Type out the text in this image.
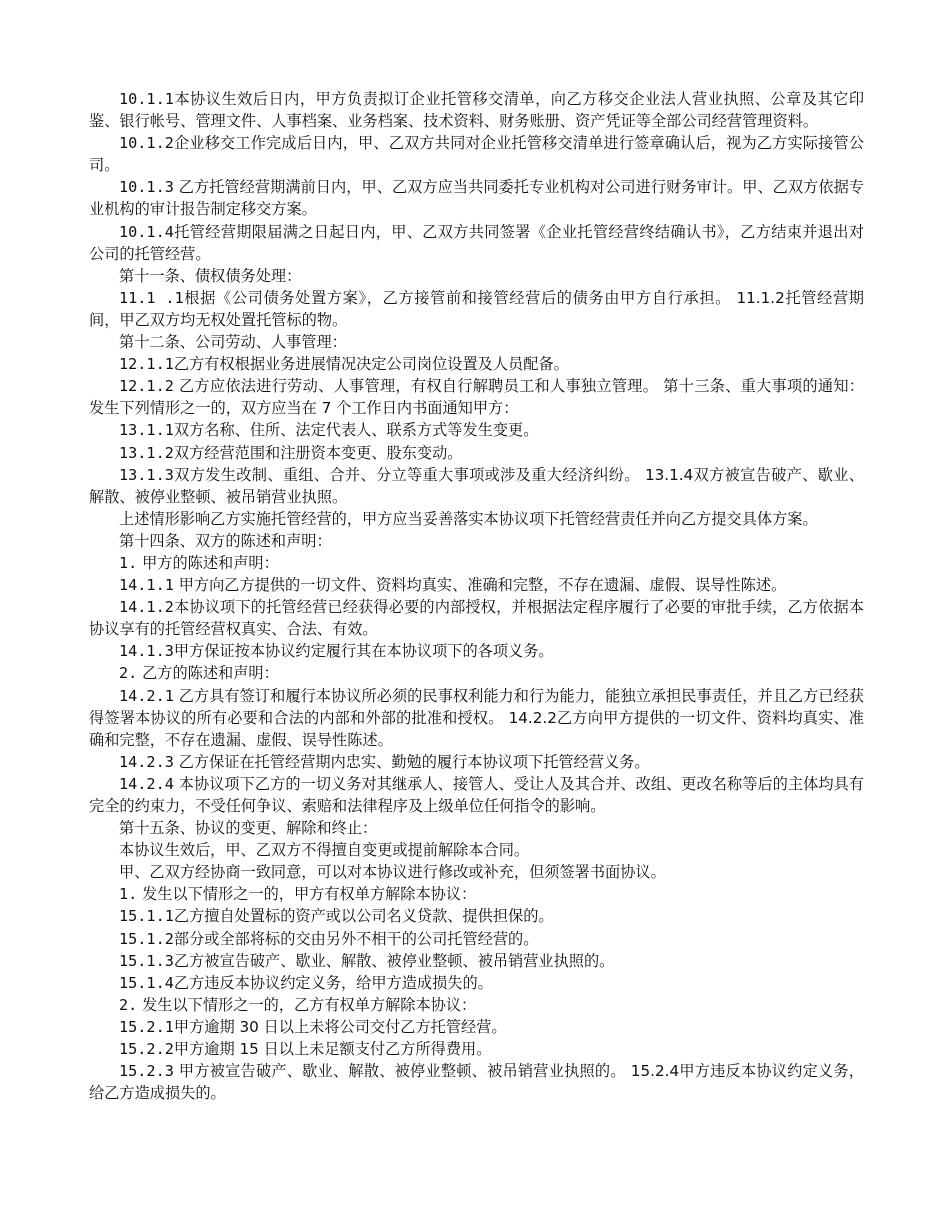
10.1.1本协议生效后日内，甲方负责拟订企业托管移交清单，向乙方移交企业法人营业执照、公章及其它印鉴、银行帐号、管理文件、人事档案、业务档案、技术资料、财务账册、资产凭证等全部公司经营管理资料。

10.1.2企业移交工作完成后日内，甲、乙双方共同对企业托管移交清单进行签章确认后，视为乙方实际接管公司。

10.1.3 乙方托管经营期满前日内，甲、乙双方应当共同委托专业机构对公司进行财务审计。甲、乙双方依据专业机构的审计报告制定移交方案。

10.1.4托管经营期限届满之日起日内，甲、乙双方共同签署《企业托管经营终结确认书》，乙方结束并退出对公司的托管经营。

第十一条、债权债务处理：

11.1 .1根据《公司债务处置方案》，乙方接管前和接管经营后的债务由甲方自行承担。 11.1.2托管经营期间，甲乙双方均无权处置托管标的物。

第十二条、公司劳动、人事管理：

12.1.1乙方有权根据业务进展情况决定公司岗位设置及人员配备。

12.1.2 乙方应依法进行劳动、人事管理，有权自行解聘员工和人事独立管理。 第十三条、重大事项的通知：发生下列情形之一的，双方应当在 7 个工作日内书面通知甲方：

13.1.1双方名称、住所、法定代表人、联系方式等发生变更。

13.1.2双方经营范围和注册资本变更、股东变动。

13.1.3双方发生改制、重组、合并、分立等重大事项或涉及重大经济纠纷。 13.1.4双方被宣告破产、歇业、解散、被停业整顿、被吊销营业执照。

上述情形影响乙方实施托管经营的，甲方应当妥善落实本协议项下托管经营责任并向乙方提交具体方案。

第十四条、双方的陈述和声明：

1. 甲方的陈述和声明：

14.1.1 甲方向乙方提供的一切文件、资料均真实、准确和完整，不存在遗漏、虚假、误导性陈述。

14.1.2本协议项下的托管经营已经获得必要的内部授权，并根据法定程序履行了必要的审批手续，乙方依据本协议享有的托管经营权真实、合法、有效。

14.1.3甲方保证按本协议约定履行其在本协议项下的各项义务。

2. 乙方的陈述和声明：

14.2.1 乙方具有签订和履行本协议所必须的民事权利能力和行为能力，能独立承担民事责任，并且乙方已经获得签署本协议的所有必要和合法的内部和外部的批准和授权。 14.2.2乙方向甲方提供的一切文件、资料均真实、准确和完整，不存在遗漏、虚假、误导性陈述。

14.2.3 乙方保证在托管经营期内忠实、勤勉的履行本协议项下托管经营义务。

14.2.4 本协议项下乙方的一切义务对其继承人、接管人、受让人及其合并、改组、更改名称等后的主体均具有完全的约束力，不受任何争议、索赔和法律程序及上级单位任何指令的影响。

第十五条、协议的变更、解除和终止：

本协议生效后，甲、乙双方不得擅自变更或提前解除本合同。

甲、乙双方经协商一致同意，可以对本协议进行修改或补充，但须签署书面协议。

1. 发生以下情形之一的，甲方有权单方解除本协议：

15.1.1乙方擅自处置标的资产或以公司名义贷款、提供担保的。

15.1.2部分或全部将标的交由另外不相干的公司托管经营的。

15.1.3乙方被宣告破产、歇业、解散、被停业整顿、被吊销营业执照的。

15.1.4乙方违反本协议约定义务，给甲方造成损失的。

2. 发生以下情形之一的，乙方有权单方解除本协议：

15.2.1甲方逾期 30 日以上未将公司交付乙方托管经营。

15.2.2甲方逾期 15 日以上未足额支付乙方所得费用。

15.2.3 甲方被宣告破产、歇业、解散、被停业整顿、被吊销营业执照的。 15.2.4甲方违反本协议约定义务，给乙方造成损失的。
